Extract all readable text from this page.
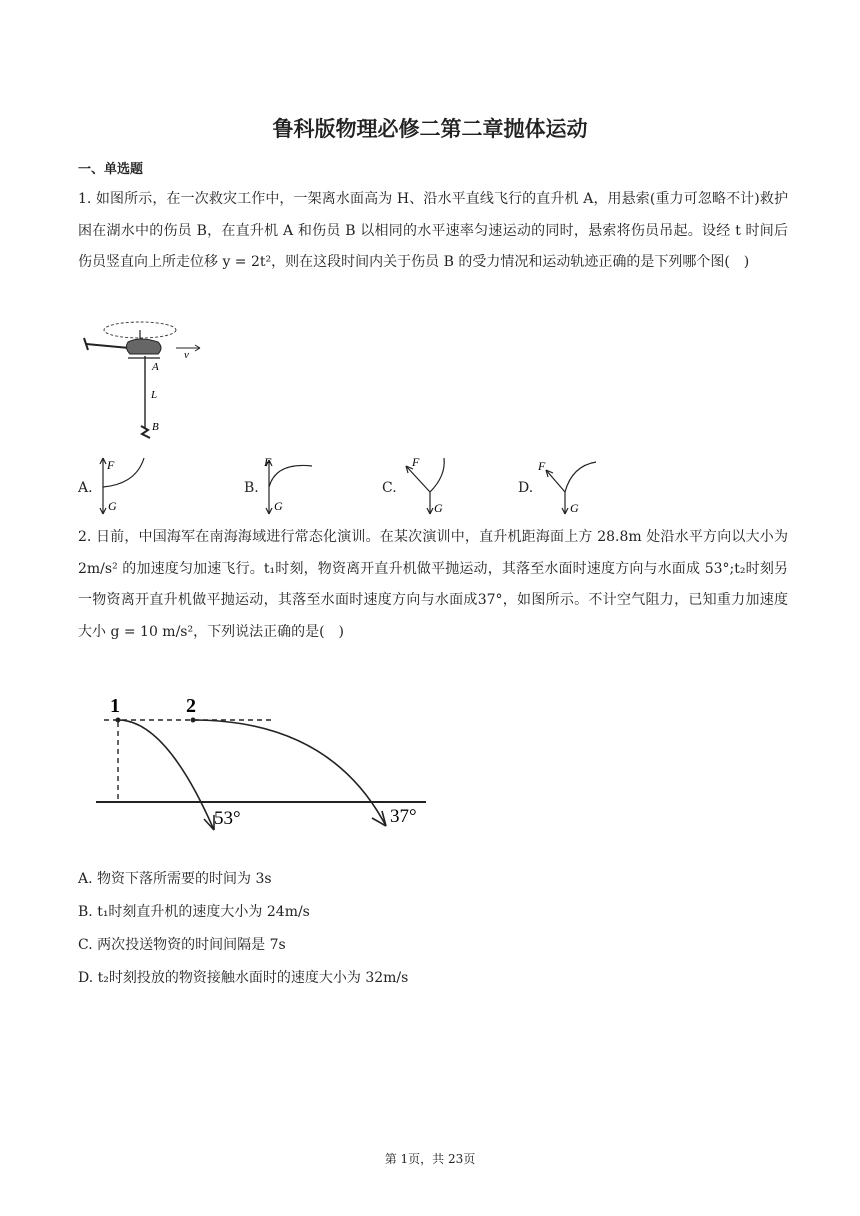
鲁科版物理必修二第二章抛体运动
一、单选题
1. 如图所示，在一次救灾工作中，一架离水面高为 H、沿水平直线飞行的直升机 A，用悬索(重力可忽略不计)救护困在湖水中的伤员 B，在直升机 A 和伤员 B 以相同的水平速率匀速运动的同时，悬索将伤员吊起。设经 t 时间后伤员竖直向上所走位移 y = 2t²，则在这段时间内关于伤员 B 的受力情况和运动轨迹正确的是下列哪个图(　)
v
A
L
B
A.
F
G
B.
F
G
C.
F
G
D.
F
G
2. 日前，中国海军在南海海域进行常态化演训。在某次演训中，直升机距海面上方 28.8m 处沿水平方向以大小为 2m/s² 的加速度匀加速飞行。t₁时刻，物资离开直升机做平抛运动，其落至水面时速度方向与水面成 53°;t₂时刻另一物资离开直升机做平抛运动，其落至水面时速度方向与水面成37°，如图所示。不计空气阻力，已知重力加速度大小 g = 10 m/s²，下列说法正确的是(　)
1	2
53°	37°
A. 物资下落所需要的时间为 3s
B. t₁时刻直升机的速度大小为 24m/s
C. 两次投送物资的时间间隔是 7s
D. t₂时刻投放的物资接触水面时的速度大小为 32m/s
第 1页，共 23页
